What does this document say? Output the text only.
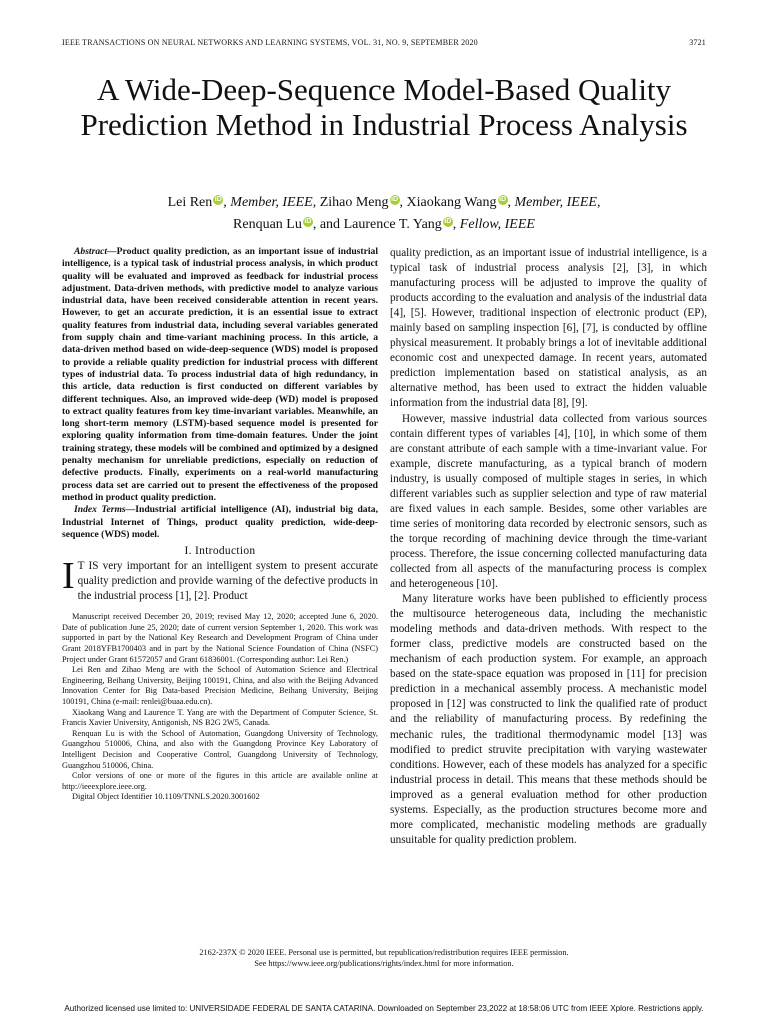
IEEE TRANSACTIONS ON NEURAL NETWORKS AND LEARNING SYSTEMS, VOL. 31, NO. 9, SEPTEMBER 2020	3721
A Wide-Deep-Sequence Model-Based Quality Prediction Method in Industrial Process Analysis
Lei Ren iD , Member, IEEE, Zihao Meng iD , Xiaokang Wang iD , Member, IEEE,
Renquan Lu iD , and Laurence T. Yang iD , Fellow, IEEE

Abstract—Product quality prediction, as an important issue of industrial intelligence, is a typical task of industrial process analysis, in which product quality will be evaluated and improved as feedback for industrial process adjustment. Data-driven methods, with predictive model to analyze various industrial data, have been received considerable attention in recent years. However, to get an accurate prediction, it is an essential issue to extract quality features from industrial data, including several variables generated from supply chain and time-variant machining process. In this article, a data-driven method based on wide-deep-sequence (WDS) model is proposed to provide a reliable quality prediction for industrial process with different types of industrial data. To process industrial data of high redundancy, in this article, data reduction is first conducted on different variables by different techniques. Also, an improved wide-deep (WD) model is proposed to extract quality features from key time-invariant variables. Meanwhile, an long short-term memory (LSTM)-based sequence model is presented for exploring quality information from time-domain features. Under the joint training strategy, these models will be combined and optimized by a designed penalty mechanism for unreliable predictions, especially on reduction of defective products. Finally, experiments on a real-world manufacturing process data set are carried out to present the effectiveness of the proposed method in product quality prediction.

Index Terms—Industrial artificial intelligence (AI), industrial big data, Industrial Internet of Things, product quality prediction, wide-deep-sequence (WDS) model.

I. Introduction

I T IS very important for an intelligent system to present accurate quality prediction and provide warning of the defective products in the industrial process [1], [2]. Product

Manuscript received December 20, 2019; revised May 12, 2020; accepted June 6, 2020. Date of publication June 25, 2020; date of current version September 1, 2020. This work was supported in part by the National Key Research and Development Program of China under Grant 2018YFB1700403 and in part by the National Science Foundation of China (NSFC) Project under Grant 61572057 and Grant 61836001. (Corresponding author: Lei Ren.)

Lei Ren and Zihao Meng are with the School of Automation Science and Electrical Engineering, Beihang University, Beijing 100191, China, and also with the Beijing Advanced Innovation Center for Big Data-based Precision Medicine, Beihang University, Beijing 100191, China (e-mail: renlei@buaa.edu.cn).

Xiaokang Wang and Laurence T. Yang are with the Department of Computer Science, St. Francis Xavier University, Antigonish, NS B2G 2W5, Canada.

Renquan Lu is with the School of Automation, Guangdong University of Technology, Guangzhou 510006, China, and also with the Guangdong Province Key Laboratory of Intelligent Decision and Cooperative Control, Guangdong University of Technology, Guangzhou 510006, China.

Color versions of one or more of the figures in this article are available online at http://ieeexplore.ieee.org.

Digital Object Identifier 10.1109/TNNLS.2020.3001602

quality prediction, as an important issue of industrial intelligence, is a typical task of industrial process analysis [2], [3], in which manufacturing process will be adjusted to improve the quality of products according to the evaluation and analysis of the industrial data [4], [5]. However, traditional inspection of electronic product (EP), mainly based on sampling inspection [6], [7], is conducted by offline physical measurement. It probably brings a lot of inevitable additional economic cost and unexpected damage. In recent years, automated prediction implementation based on statistical analysis, as an alternative method, has been used to extract the hidden valuable information from the industrial data [8], [9].

However, massive industrial data collected from various sources contain different types of variables [4], [10], in which some of them are constant attribute of each sample with a time-invariant value. For example, discrete manufacturing, as a typical branch of modern industry, is usually composed of multiple stages in series, in which different variables such as supplier selection and type of raw material are fixed values in each sample. Besides, some other variables are time series of monitoring data recorded by electronic sensors, such as the torque recording of machining device through the time-variant process. Therefore, the issue concerning collected manufacturing data collected from all aspects of the manufacturing process is complex and heterogeneous [10].

Many literature works have been published to efficiently process the multisource heterogeneous data, including the mechanistic modeling methods and data-driven methods. With respect to the former class, predictive models are constructed based on the mechanism of each production system. For example, an approach based on the state-space equation was proposed in [11] for precision prediction in a mechanical assembly process. A mechanistic model proposed in [12] was constructed to link the qualified rate of product and the reliability of manufacturing process. By redefining the mechanic rules, the traditional thermodynamic model [13] was modified to predict struvite precipitation with varying wastewater conditions. However, each of these models has analyzed for a specific industrial process in detail. This means that these methods should be improved as a general evaluation method for other production systems. Especially, as the production structures become more and more complicated, mechanistic modeling methods are gradually unsuitable for quality prediction problem.

2162-237X © 2020 IEEE. Personal use is permitted, but republication/redistribution requires IEEE permission.
See https://www.ieee.org/publications/rights/index.html for more information.
Authorized licensed use limited to: UNIVERSIDADE FEDERAL DE SANTA CATARINA. Downloaded on September 23,2022 at 18:58:06 UTC from IEEE Xplore. Restrictions apply.
